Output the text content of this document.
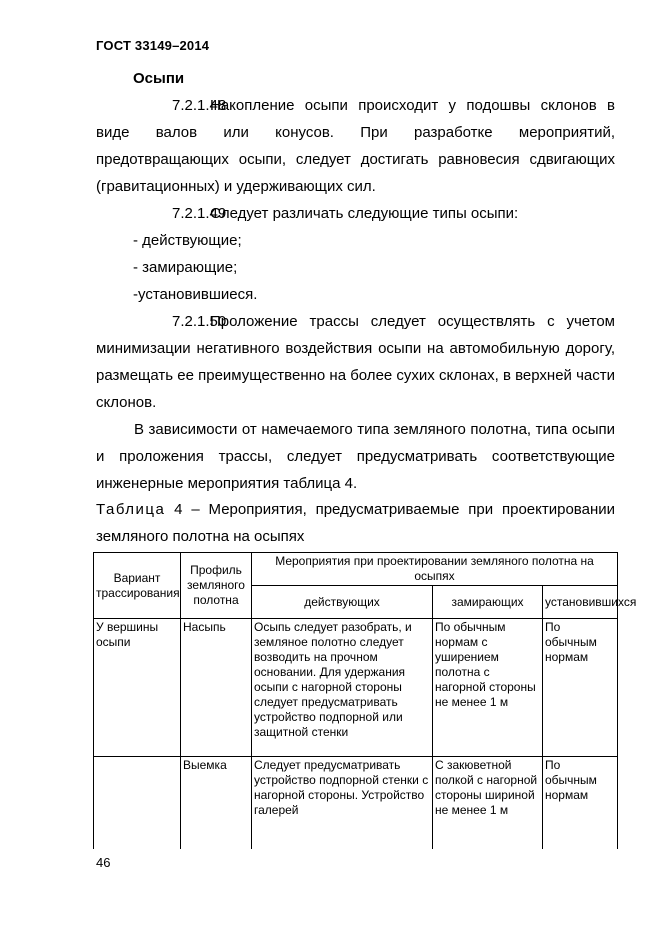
ГОСТ 33149–2014
Осыпи
7.2.1.48Накопление осыпи происходит у подошвы склонов в виде валов или конусов. При разработке мероприятий, предотвращающих осыпи, следует достигать равновесия сдвигающих (гравитационных) и удерживающих сил.
7.2.1.49Следует различать следующие типы осыпи:
- действующие;
- замирающие;
-установившиеся.
7.2.1.50Проложение трассы следует осуществлять с учетом минимизации негативного воздействия осыпи на автомобильную дорогу, размещать ее преимущественно на более сухих склонах, в верхней части склонов.
В зависимости от намечаемого типа земляного полотна, типа осыпи и проложения трассы, следует предусматривать соответствующие инженерные мероприятия таблица 4.
Таблица 4 – Мероприятия, предусматриваемые при проектировании земляного полотна на осыпях
Вариант трассирования	Профиль земляного полотна	Мероприятия при проектировании земляного полотна на осыпях		
		действующих	замирающих	установившихся
У вершины осыпи	Насыпь	Осыпь следует разобрать, и земляное полотно следует возводить на прочном основании. Для удержания осыпи с нагорной стороны следует предусматривать устройство подпорной или защитной стенки	По обычным нормам с уширением полотна с нагорной стороны не менее 1 м	По обычным нормам
	Выемка	Следует предусматривать устройство подпорной стенки с нагорной стороны. Устройство галерей	С закюветной полкой с нагорной стороны шириной не менее 1 м	По обычным нормам
46
